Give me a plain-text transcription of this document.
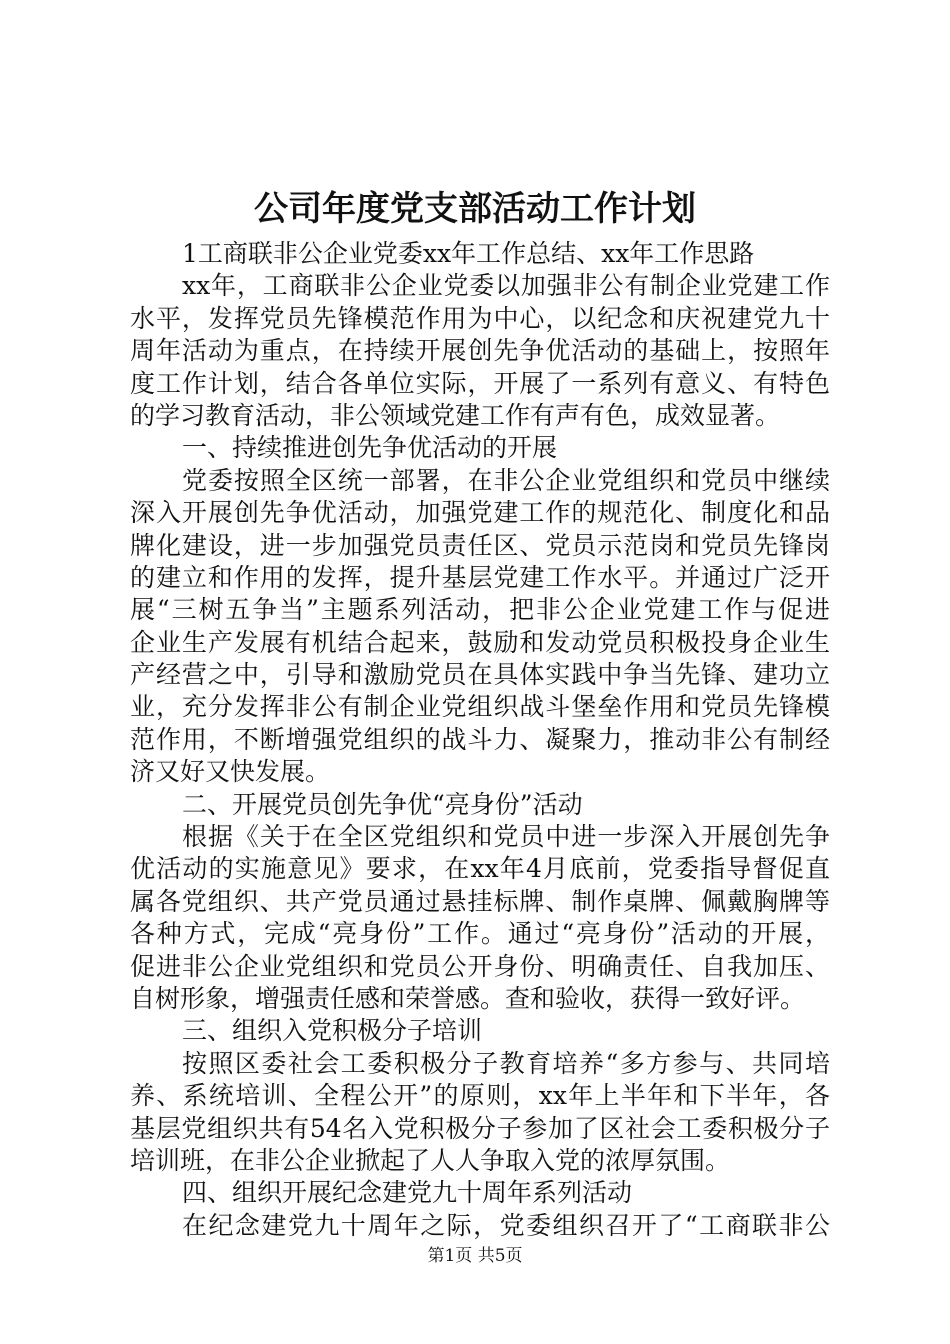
公司年度党支部活动工作计划
1工商联非公企业党委xx年工作总结、xx年工作思路
xx年，工商联非公企业党委以加强非公有制企业党建工作
水平，发挥党员先锋模范作用为中心，以纪念和庆祝建党九十
周年活动为重点，在持续开展创先争优活动的基础上，按照年
度工作计划，结合各单位实际，开展了一系列有意义、有特色
的学习教育活动，非公领域党建工作有声有色，成效显著。
一、持续推进创先争优活动的开展
党委按照全区统一部署，在非公企业党组织和党员中继续
深入开展创先争优活动，加强党建工作的规范化、制度化和品
牌化建设，进一步加强党员责任区、党员示范岗和党员先锋岗
的建立和作用的发挥，提升基层党建工作水平。并通过广泛开
展“三树五争当”主题系列活动，把非公企业党建工作与促进
企业生产发展有机结合起来，鼓励和发动党员积极投身企业生
产经营之中，引导和激励党员在具体实践中争当先锋、建功立
业，充分发挥非公有制企业党组织战斗堡垒作用和党员先锋模
范作用，不断增强党组织的战斗力、凝聚力，推动非公有制经
济又好又快发展。
二、开展党员创先争优“亮身份”活动
根据《关于在全区党组织和党员中进一步深入开展创先争
优活动的实施意见》要求，在xx年4月底前，党委指导督促直
属各党组织、共产党员通过悬挂标牌、制作桌牌、佩戴胸牌等
各种方式，完成“亮身份”工作。通过“亮身份”活动的开展，
促进非公企业党组织和党员公开身份、明确责任、自我加压、
自树形象，增强责任感和荣誉感。查和验收，获得一致好评。
三、组织入党积极分子培训
按照区委社会工委积极分子教育培养“多方参与、共同培
养、系统培训、全程公开”的原则，xx年上半年和下半年，各
基层党组织共有54名入党积极分子参加了区社会工委积极分子
培训班，在非公企业掀起了人人争取入党的浓厚氛围。
四、组织开展纪念建党九十周年系列活动
在纪念建党九十周年之际，党委组织召开了“工商联非公
第1页 共5页
